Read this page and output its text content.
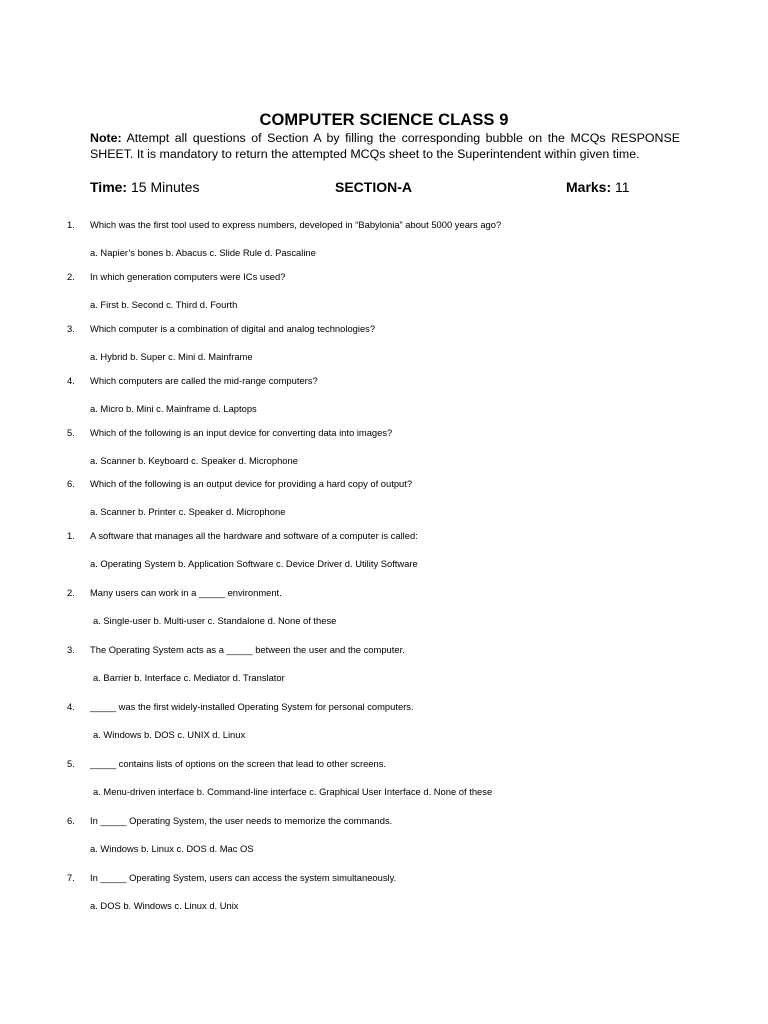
COMPUTER SCIENCE CLASS 9
Note: Attempt all questions of Section A by filling the corresponding bubble on the MCQs RESPONSE SHEET. It is mandatory to return the attempted MCQs sheet to the Superintendent within given time.
Time: 15 Minutes	SECTION-A	Marks: 11
1. Which was the first tool used to express numbers, developed in “Babylonia” about 5000 years ago?
a. Napier’s bones b. Abacus c. Slide Rule d. Pascaline
2. In which generation computers were ICs used?
a. First b. Second c. Third d. Fourth
3. Which computer is a combination of digital and analog technologies?
a. Hybrid b. Super c. Mini d. Mainframe
4. Which computers are called the mid-range computers?
a. Micro b. Mini c. Mainframe d. Laptops
5. Which of the following is an input device for converting data into images?
a. Scanner b. Keyboard c. Speaker d. Microphone
6. Which of the following is an output device for providing a hard copy of output?
a. Scanner b. Printer c. Speaker d. Microphone
1. A software that manages all the hardware and software of a computer is called:
a. Operating System b. Application Software c. Device Driver d. Utility Software
2. Many users can work in a _____ environment.
a. Single-user b. Multi-user c. Standalone d. None of these
3. The Operating System acts as a _____ between the user and the computer.
a. Barrier b. Interface c. Mediator d. Translator
4. _____ was the first widely-installed Operating System for personal computers.
a. Windows b. DOS c. UNIX d. Linux
5. _____ contains lists of options on the screen that lead to other screens.
a. Menu-driven interface b. Command-line interface c. Graphical User Interface d. None of these
6. In _____ Operating System, the user needs to memorize the commands.
a. Windows b. Linux c. DOS d. Mac OS
7. In _____ Operating System, users can access the system simultaneously.
a. DOS b. Windows c. Linux d. Unix
